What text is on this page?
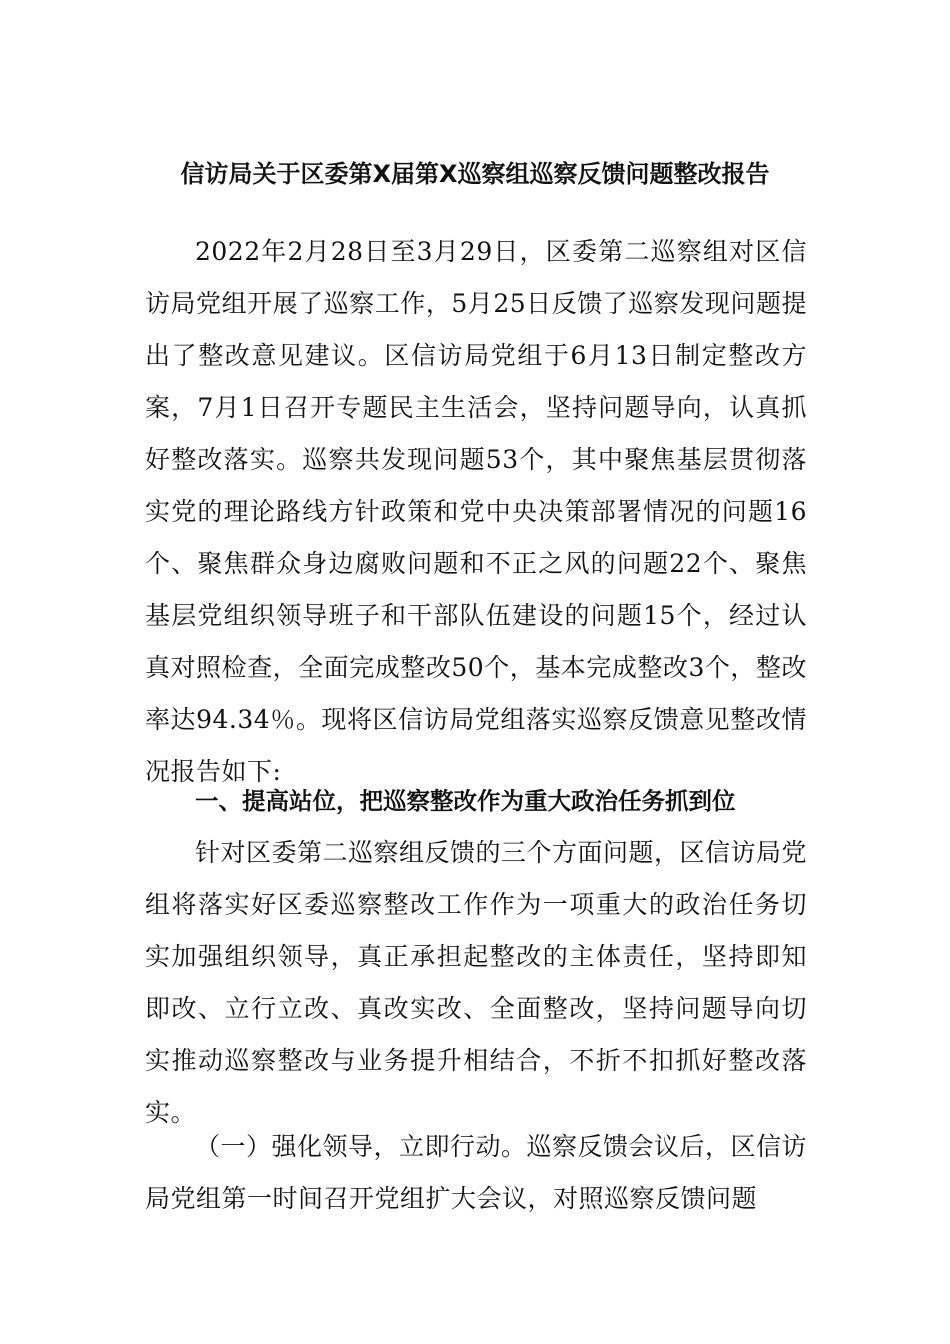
信访局关于区委第X届第X巡察组巡察反馈问题整改报告

2022年2月28日至3月29日，区委第二巡察组对区信访局党组开展了巡察工作，5月25日反馈了巡察发现问题提出了整改意见建议。区信访局党组于6月13日制定整改方案，7月1日召开专题民主生活会，坚持问题导向，认真抓好整改落实。巡察共发现问题53个，其中聚焦基层贯彻落实党的理论路线方针政策和党中央决策部署情况的问题16个、聚焦群众身边腐败问题和不正之风的问题22个、聚焦基层党组织领导班子和干部队伍建设的问题15个，经过认真对照检查，全面完成整改50个，基本完成整改3个，整改率达94.34％。现将区信访局党组落实巡察反馈意见整改情况报告如下:

一、提高站位，把巡察整改作为重大政治任务抓到位

针对区委第二巡察组反馈的三个方面问题，区信访局党组将落实好区委巡察整改工作作为一项重大的政治任务切实加强组织领导，真正承担起整改的主体责任，坚持即知即改、立行立改、真改实改、全面整改，坚持问题导向切实推动巡察整改与业务提升相结合，不折不扣抓好整改落实。

（一）强化领导，立即行动。巡察反馈会议后，区信访局党组第一时间召开党组扩大会议，对照巡察反馈问题
